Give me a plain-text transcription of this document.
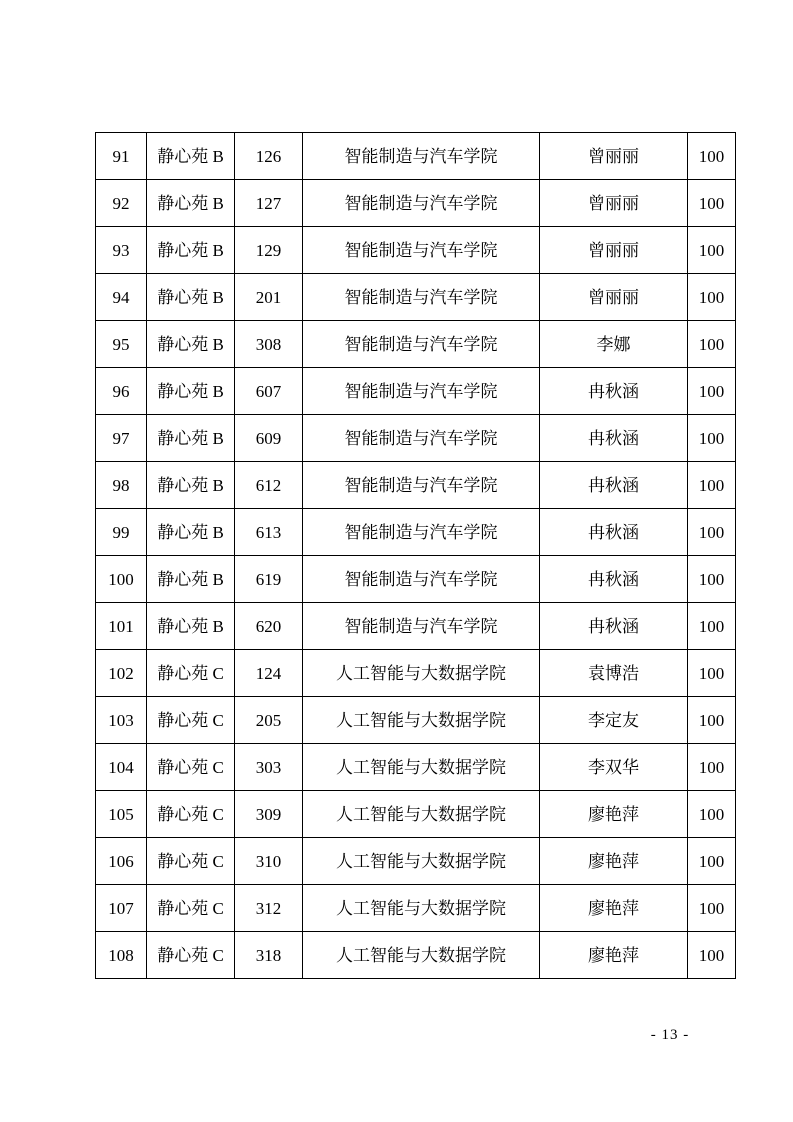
91	静心苑 B	126	智能制造与汽车学院	曾丽丽	100
92	静心苑 B	127	智能制造与汽车学院	曾丽丽	100
93	静心苑 B	129	智能制造与汽车学院	曾丽丽	100
94	静心苑 B	201	智能制造与汽车学院	曾丽丽	100
95	静心苑 B	308	智能制造与汽车学院	李娜	100
96	静心苑 B	607	智能制造与汽车学院	冉秋涵	100
97	静心苑 B	609	智能制造与汽车学院	冉秋涵	100
98	静心苑 B	612	智能制造与汽车学院	冉秋涵	100
99	静心苑 B	613	智能制造与汽车学院	冉秋涵	100
100	静心苑 B	619	智能制造与汽车学院	冉秋涵	100
101	静心苑 B	620	智能制造与汽车学院	冉秋涵	100
102	静心苑 C	124	人工智能与大数据学院	袁博浩	100
103	静心苑 C	205	人工智能与大数据学院	李定友	100
104	静心苑 C	303	人工智能与大数据学院	李双华	100
105	静心苑 C	309	人工智能与大数据学院	廖艳萍	100
106	静心苑 C	310	人工智能与大数据学院	廖艳萍	100
107	静心苑 C	312	人工智能与大数据学院	廖艳萍	100
108	静心苑 C	318	人工智能与大数据学院	廖艳萍	100
- 13 -
